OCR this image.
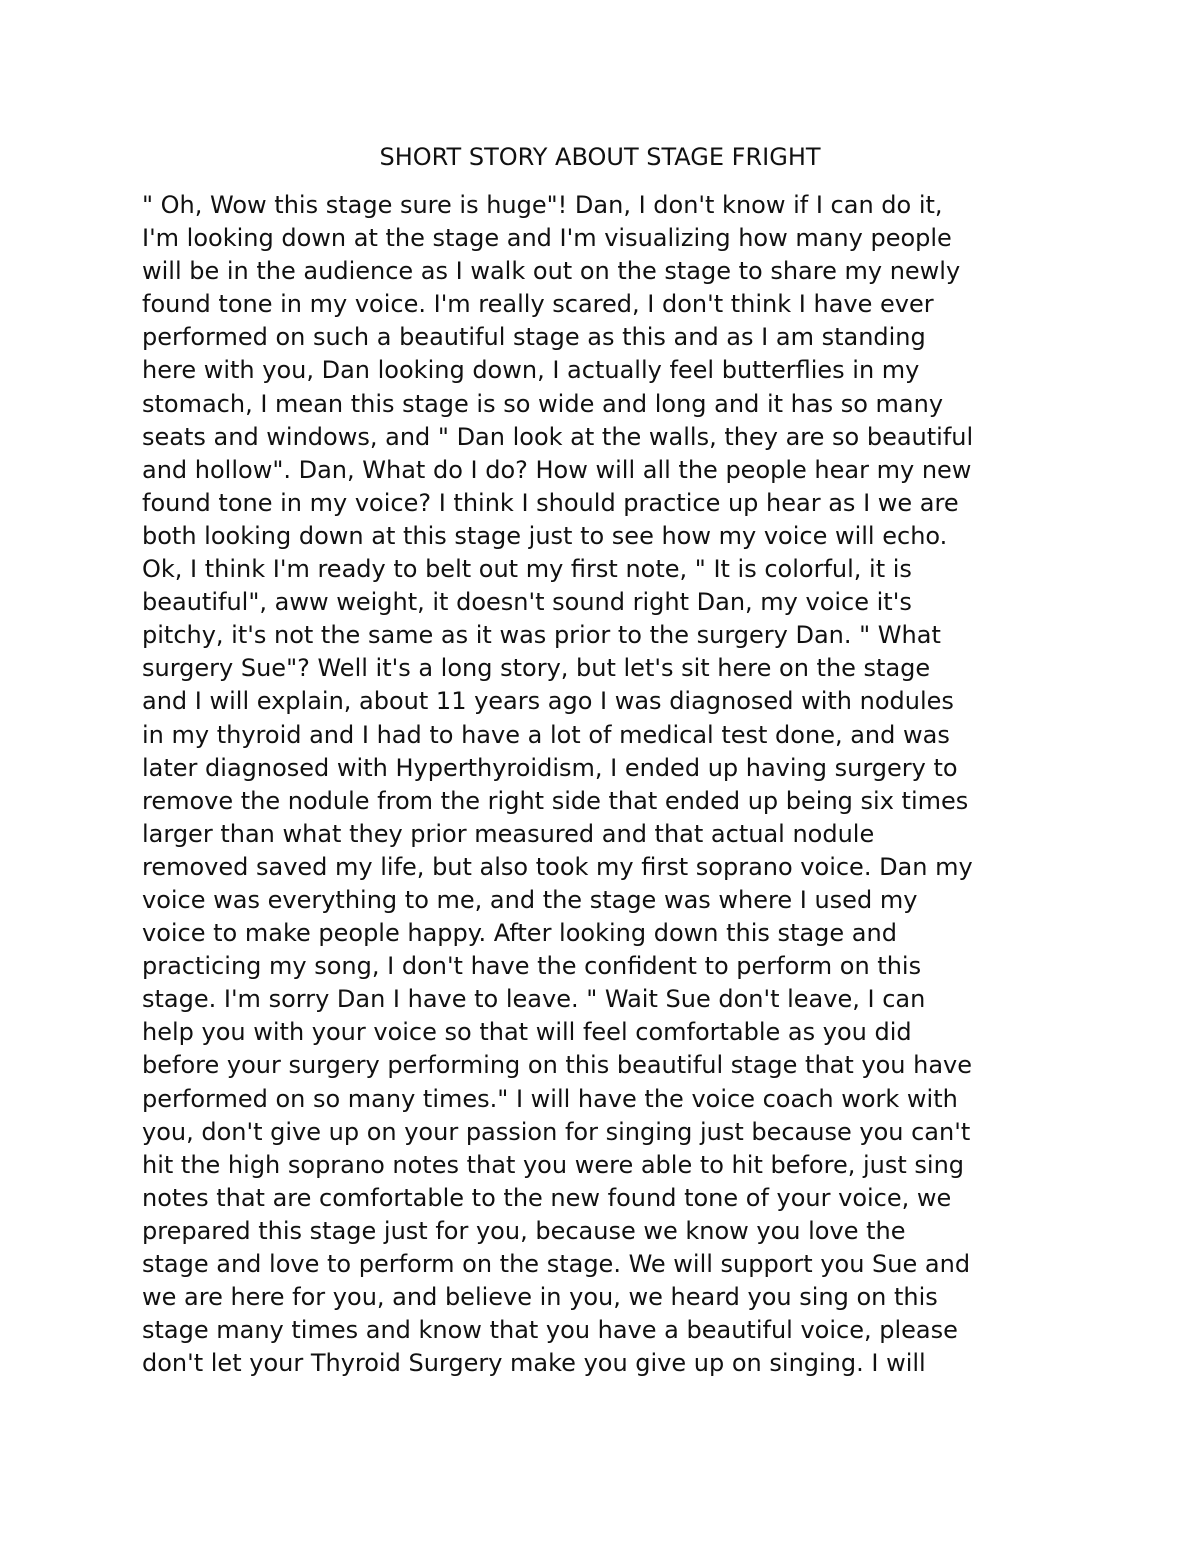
SHORT STORY ABOUT STAGE FRIGHT
" Oh, Wow this stage sure is huge"! Dan, I don't know if I can do it,
I'm looking down at the stage and I'm visualizing how many people
will be in the audience as I walk out on the stage to share my newly
found tone in my voice. I'm really scared, I don't think I have ever
performed on such a beautiful stage as this and as I am standing
here with you, Dan looking down, I actually feel butterflies in my
stomach, I mean this stage is so wide and long and it has so many
seats and windows, and " Dan look at the walls, they are so beautiful
and hollow". Dan, What do I do? How will all the people hear my new
found tone in my voice? I think I should practice up hear as I we are
both looking down at this stage just to see how my voice will echo.
Ok, I think I'm ready to belt out my first note, " It is colorful, it is
beautiful", aww weight, it doesn't sound right Dan, my voice it's
pitchy, it's not the same as it was prior to the surgery Dan. " What
surgery Sue"? Well it's a long story, but let's sit here on the stage
and I will explain, about 11 years ago I was diagnosed with nodules
in my thyroid and I had to have a lot of medical test done, and was
later diagnosed with Hyperthyroidism, I ended up having surgery to
remove the nodule from the right side that ended up being six times
larger than what they prior measured and that actual nodule
removed saved my life, but also took my first soprano voice. Dan my
voice was everything to me, and the stage was where I used my
voice to make people happy. After looking down this stage and
practicing my song, I don't have the confident to perform on this
stage. I'm sorry Dan I have to leave. " Wait Sue don't leave, I can
help you with your voice so that will feel comfortable as you did
before your surgery performing on this beautiful stage that you have
performed on so many times." I will have the voice coach work with
you, don't give up on your passion for singing just because you can't
hit the high soprano notes that you were able to hit before, just sing
notes that are comfortable to the new found tone of your voice, we
prepared this stage just for you, because we know you love the
stage and love to perform on the stage. We will support you Sue and
we are here for you, and believe in you, we heard you sing on this
stage many times and know that you have a beautiful voice, please
don't let your Thyroid Surgery make you give up on singing. I will
